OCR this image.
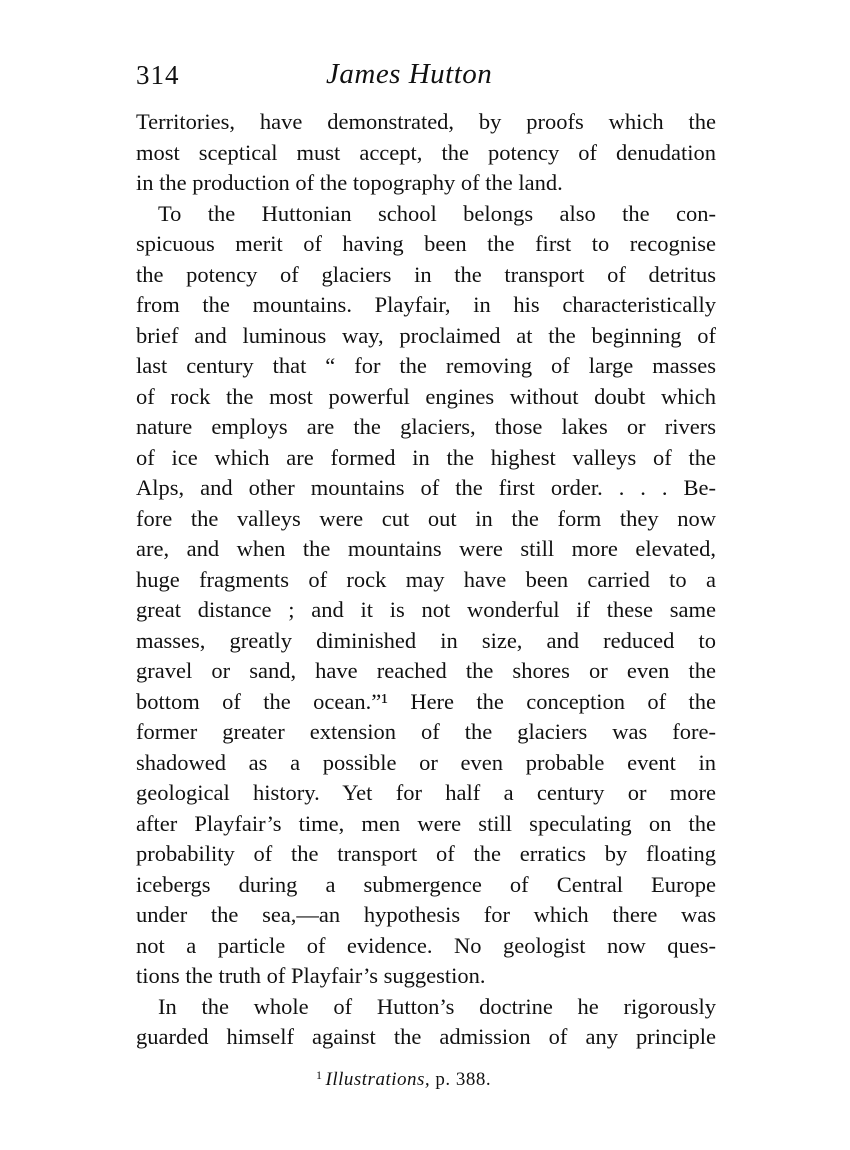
314	James Hutton
Territories, have demonstrated, by proofs which the
most sceptical must accept, the potency of denudation
in the production of the topography of the land.
To the Huttonian school belongs also the con-
spicuous merit of having been the first to recognise
the potency of glaciers in the transport of detritus
from the mountains. Playfair, in his characteristically
brief and luminous way, proclaimed at the beginning of
last century that “ for the removing of large masses
of rock the most powerful engines without doubt which
nature employs are the glaciers, those lakes or rivers
of ice which are formed in the highest valleys of the
Alps, and other mountains of the first order. . . . Be-
fore the valleys were cut out in the form they now
are, and when the mountains were still more elevated,
huge fragments of rock may have been carried to a
great distance ; and it is not wonderful if these same
masses, greatly diminished in size, and reduced to
gravel or sand, have reached the shores or even the
bottom of the ocean.”¹ Here the conception of the
former greater extension of the glaciers was fore-
shadowed as a possible or even probable event in
geological history. Yet for half a century or more
after Playfair’s time, men were still speculating on the
probability of the transport of the erratics by floating
icebergs during a submergence of Central Europe
under the sea,—an hypothesis for which there was
not a particle of evidence. No geologist now ques-
tions the truth of Playfair’s suggestion.
In the whole of Hutton’s doctrine he rigorously
guarded himself against the admission of any principle
$^1$ Illustrations, p. 388.
